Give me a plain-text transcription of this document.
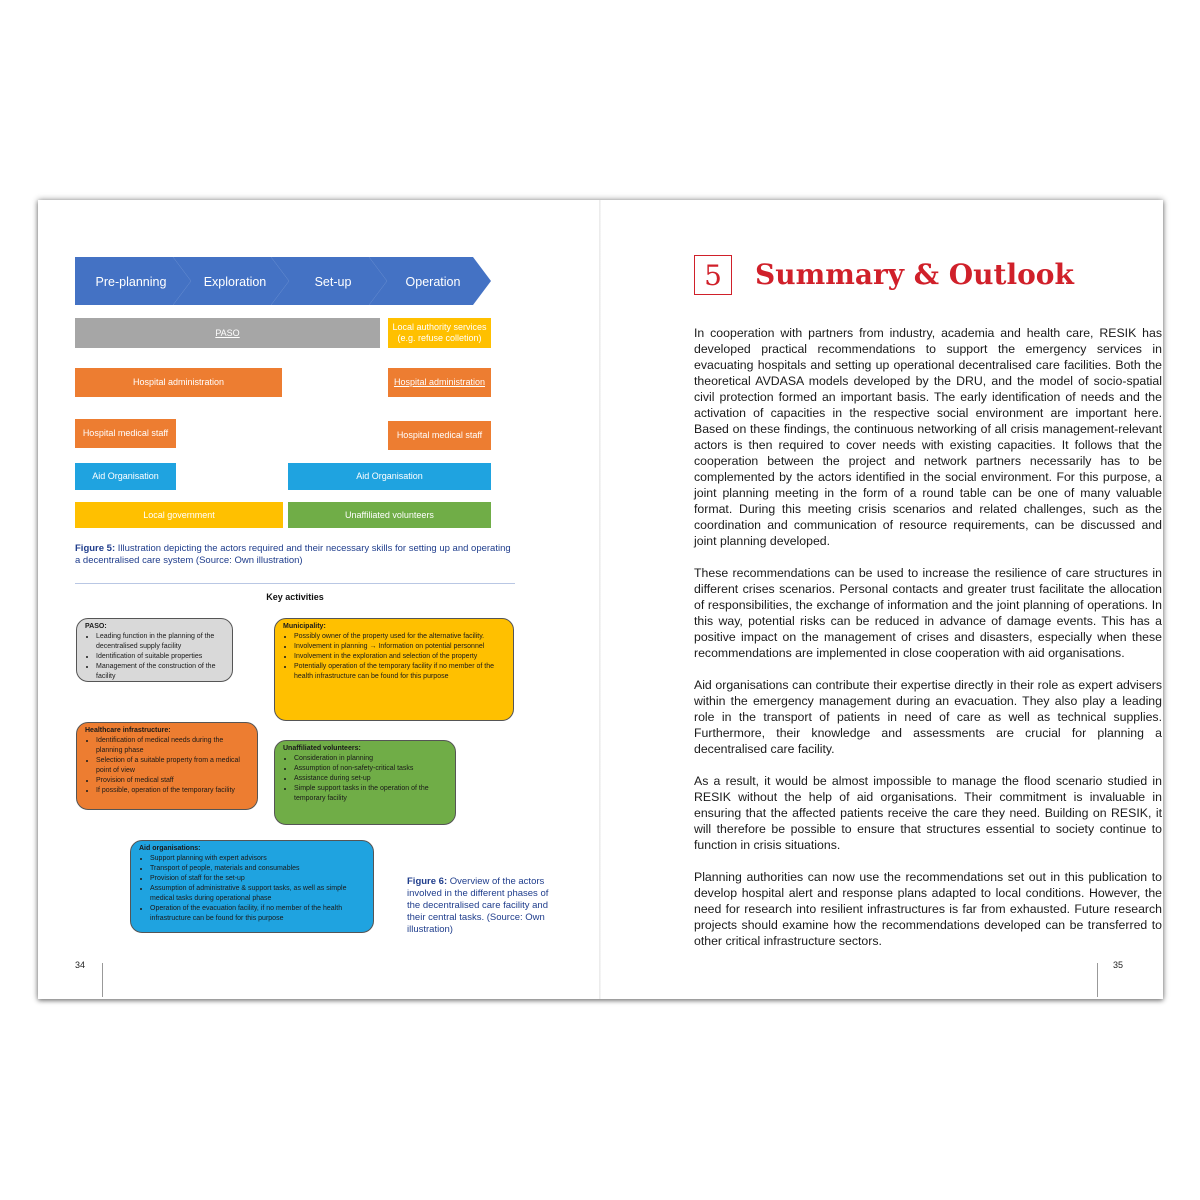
Pre-planning	Exploration	Set-up	Operation
PASO
Local authority services (e.g. refuse colletion)
Hospital administration	Hospital administration
Hospital medical staff	Hospital medical staff
Aid Organisation	Aid Organisation
Local government	Unaffiliated volunteers
Figure 5: Illustration depicting the actors required and their necessary skills for setting up and operating a decentralised care system (Source: Own illustration)
Key activities
PASO:
• Leading function in the planning of the decentralised supply facility
• Identification of suitable properties
• Management of the construction of the facility
Municipality:
• Possibly owner of the property used for the alternative facility.
• Involvement in planning → Information on potential personnel
• Involvement in the exploration and selection of the property
• Potentially operation of the temporary facility if no member of the health infrastructure can be found for this purpose
Healthcare infrastructure:
• Identification of medical needs during the planning phase
• Selection of a suitable property from a medical point of view
• Provision of medical staff
• If possible, operation of the temporary facility
Unaffiliated volunteers:
• Consideration in planning
• Assumption of non-safety-critical tasks
• Assistance during set-up
• Simple support tasks in the operation of the temporary facility
Aid organisations:
• Support planning with expert advisors
• Transport of people, materials and consumables
• Provision of staff for the set-up
• Assumption of administrative & support tasks, as well as simple medical tasks during operational phase
• Operation of the evacuation facility, if no member of the health infrastructure can be found for this purpose
Figure 6: Overview of the actors involved in the different phases of the decentralised care facility and their central tasks. (Source: Own illustration)
34
5	Summary & Outlook

In cooperation with partners from industry, academia and health care, RESIK has developed practical recommendations to support the emergency services in evacuating hospitals and setting up operational decentralised care facilities. Both the theoretical AVDASA models developed by the DRU, and the model of socio-spatial civil protection formed an important basis. The early identification of needs and the activation of capacities in the respective social environment are important here. Based on these findings, the continuous networking of all crisis management-relevant actors is then required to cover needs with existing capacities. It follows that the cooperation between the project and network partners necessarily has to be complemented by the actors identified in the social environment. For this purpose, a joint planning meeting in the form of a round table can be one of many valuable format. During this meeting crisis scenarios and related challenges, such as the coordination and communication of resource requirements, can be discussed and joint planning developed.

These recommendations can be used to increase the resilience of care structures in different crises scenarios. Personal contacts and greater trust facilitate the allocation of responsibilities, the exchange of information and the joint planning of operations. In this way, potential risks can be reduced in advance of damage events. This has a positive impact on the management of crises and disasters, especially when these recommendations are implemented in close cooperation with aid organisations.

Aid organisations can contribute their expertise directly in their role as expert advisers within the emergency management during an evacuation. They also play a leading role in the transport of patients in need of care as well as technical supplies. Furthermore, their knowledge and assessments are crucial for planning a decentralised care facility.

As a result, it would be almost impossible to manage the flood scenario studied in RESIK without the help of aid organisations. Their commitment is invaluable in ensuring that the affected patients receive the care they need. Building on RESIK, it will therefore be possible to ensure that structures essential to society continue to function in crisis situations.

Planning authorities can now use the recommendations set out in this publication to develop hospital alert and response plans adapted to local conditions. However, the need for research into resilient infrastructures is far from exhausted. Future research projects should examine how the recommendations developed can be transferred to other critical infrastructure sectors.

35
